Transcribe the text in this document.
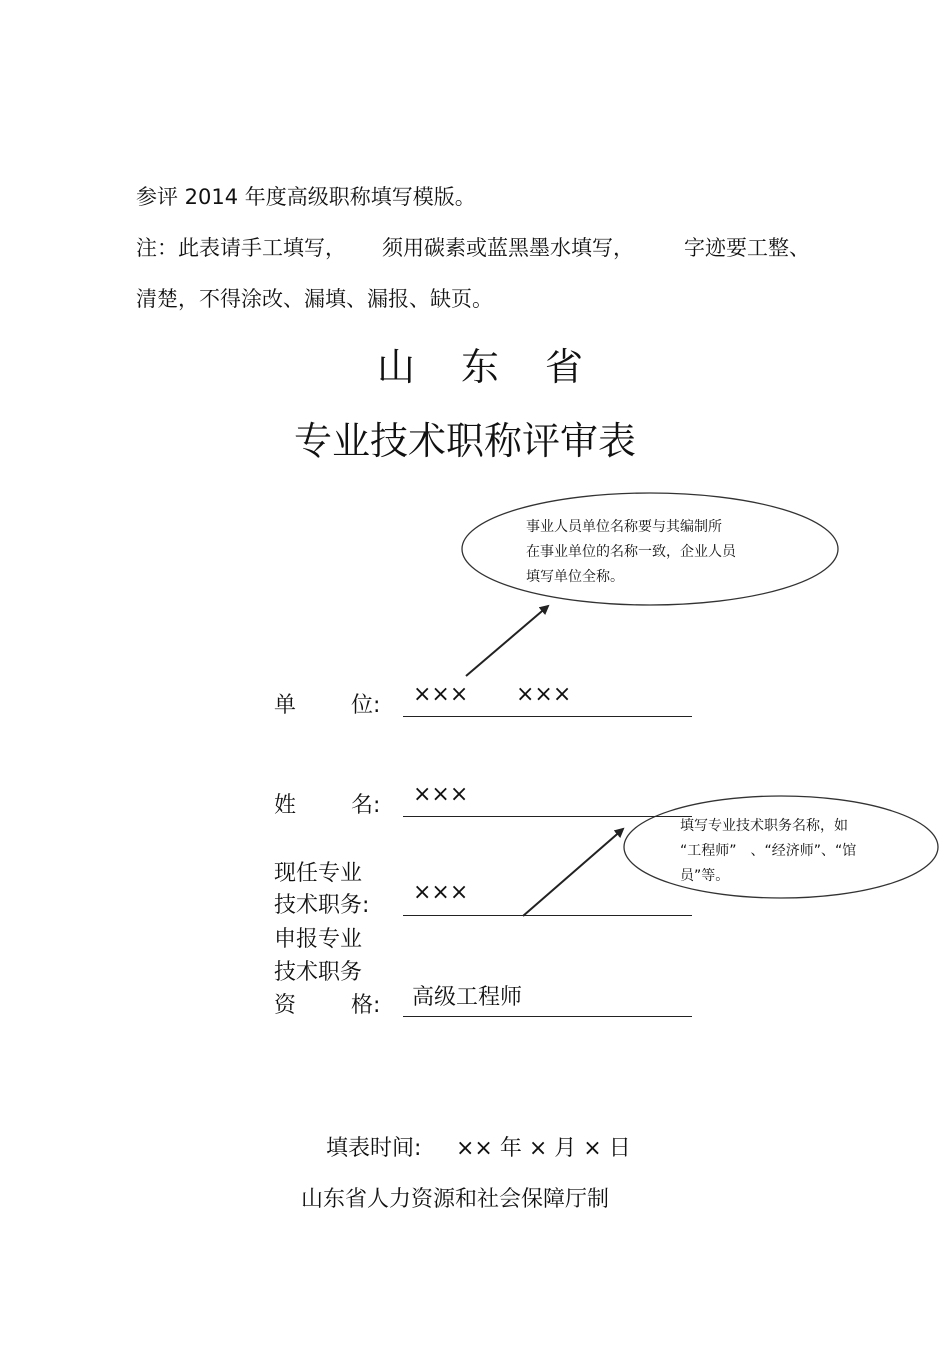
参评 2014 年度高级职称填写模版。
注：此表请手工填写， 须用碳素或蓝黑墨水填写， 字迹要工整、
清楚，不得涂改、漏填、漏报、缺页。
山 东 省
专业技术职称评审表
事业人员单位名称要与其编制所
在事业单位的名称一致，企业人员
填写单位全称。
填写专业技术职务名称，如
“工程师”　、“经济师”、“馆
员”等。
单 位: ××× ×××
姓 名: ×××
现任专业
技术职务:
×××
申报专业
技术职务
资 格: 高级工程师
填表时间: ×× 年 × 月 × 日
山东省人力资源和社会保障厅制
